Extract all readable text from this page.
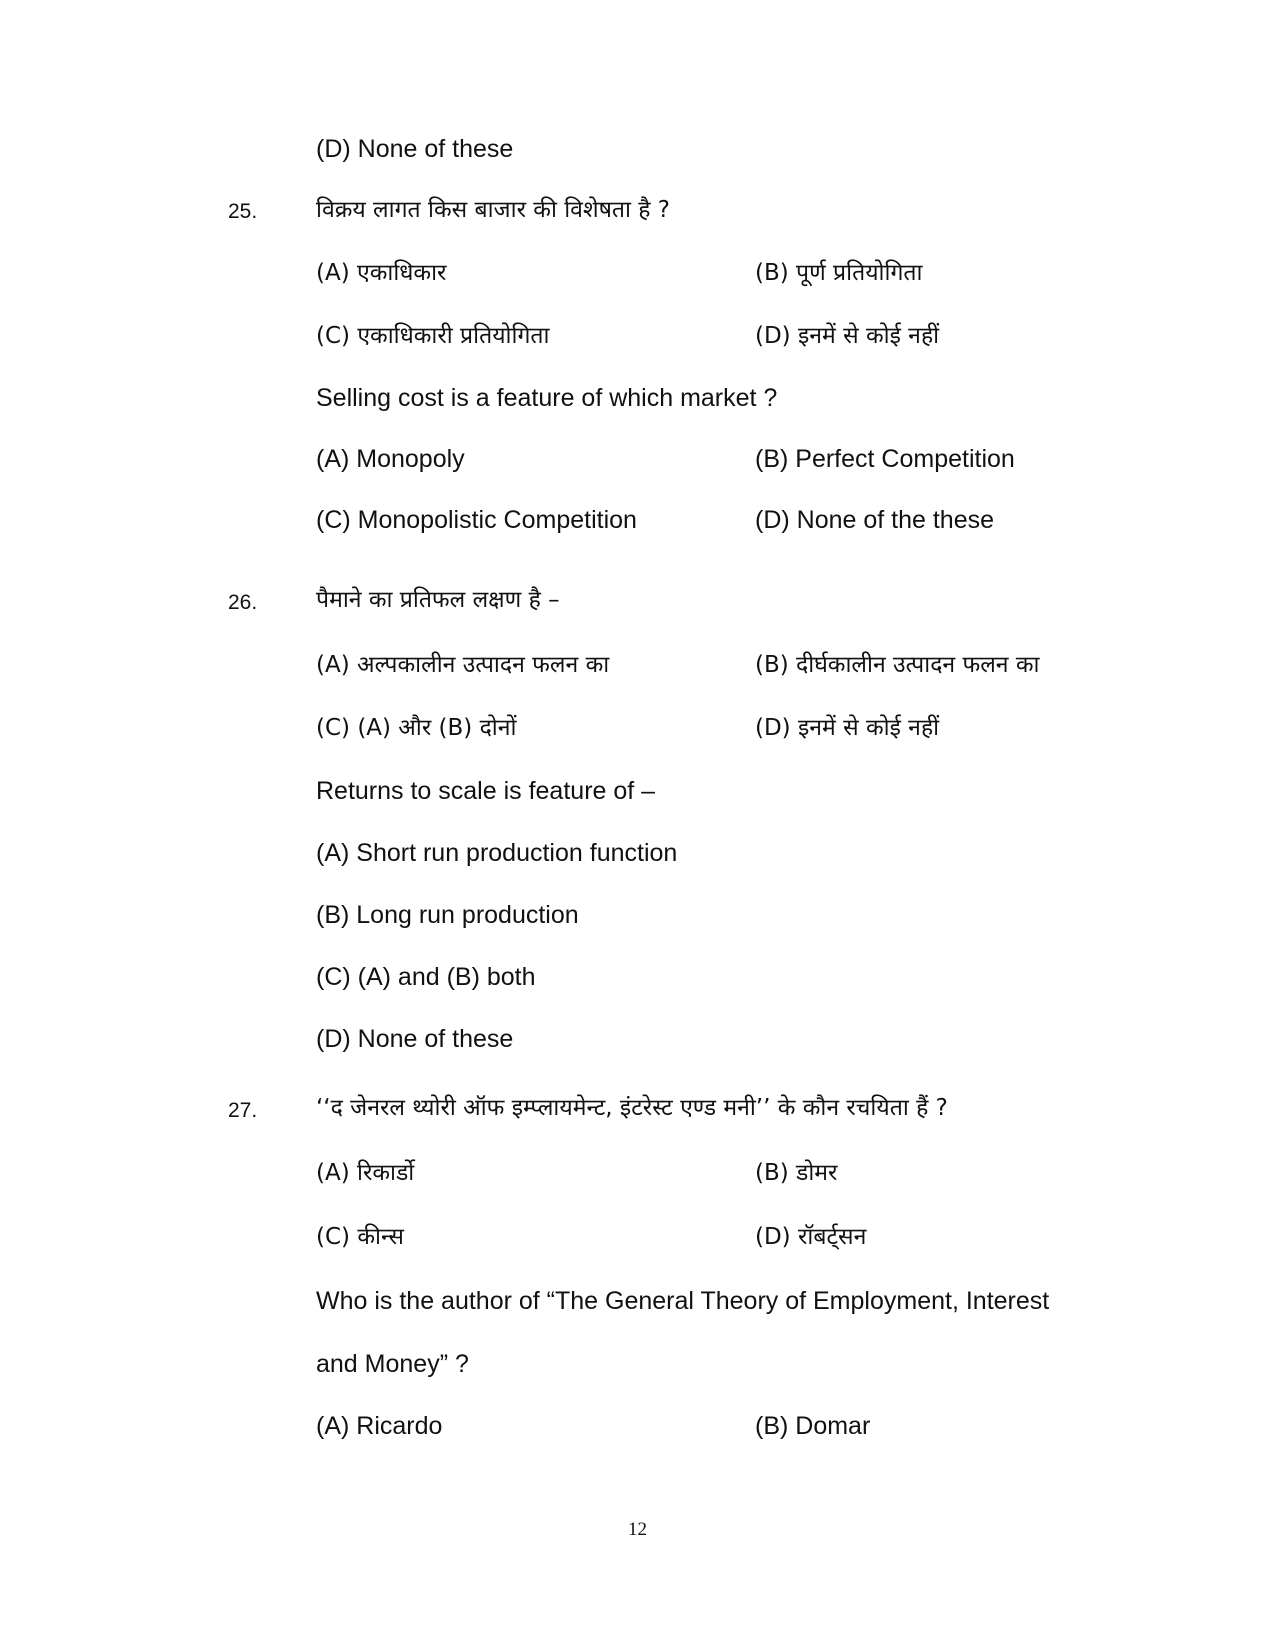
(D) None of these
25.	विक्रय लागत किस बाजार की विशेषता है ?
(A) एकाधिकार	(B) पूर्ण प्रतियोगिता
(C) एकाधिकारी प्रतियोगिता	(D) इनमें से कोई नहीं
Selling cost is a feature of which market ?
(A) Monopoly	(B) Perfect Competition
(C) Monopolistic Competition	(D) None of the these
26.	पैमाने का प्रतिफल लक्षण है –
(A) अल्पकालीन उत्पादन फलन का	(B) दीर्घकालीन उत्पादन फलन का
(C) (A) और (B) दोनों	(D) इनमें से कोई नहीं
Returns to scale is feature of –
(A) Short run production function
(B) Long run production
(C) (A) and (B) both
(D) None of these
27.	‘‘द जेनरल थ्योरी ऑफ इम्प्लायमेन्ट, इंटरेस्ट एण्ड मनी’’ के कौन रचयिता हैं ?
(A) रिकार्डो	(B) डोमर
(C) कीन्स	(D) रॉबर्ट्सन
Who is the author of “The General Theory of Employment, Interest
and Money” ?
(A) Ricardo	(B) Domar
12
